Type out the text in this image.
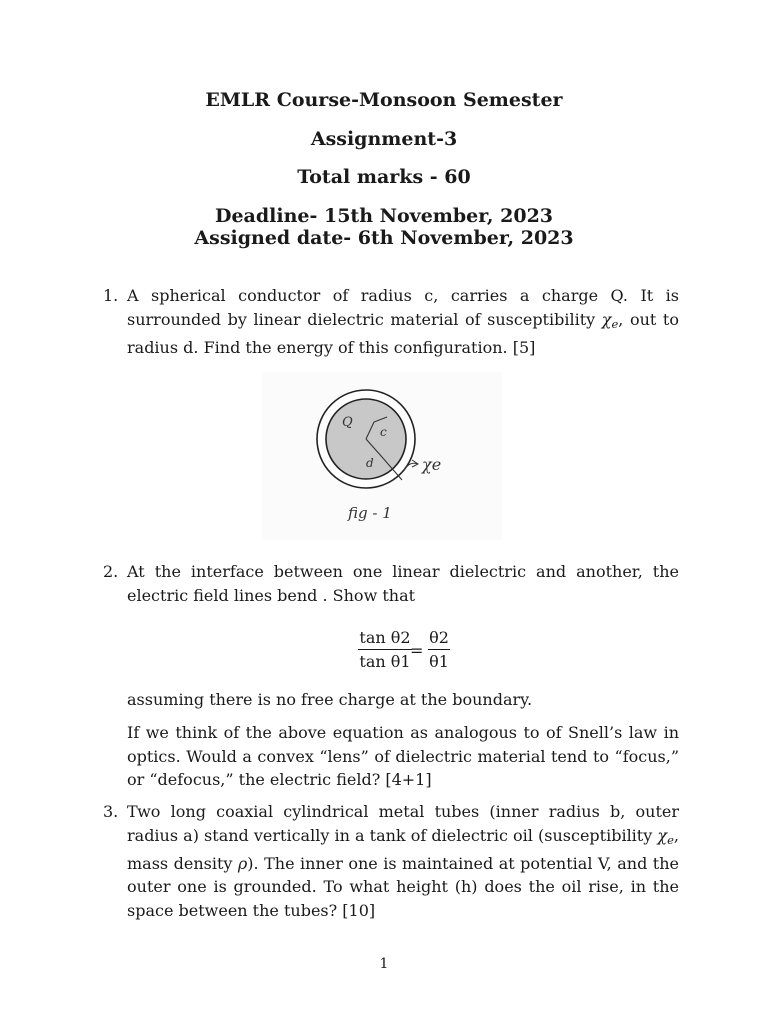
EMLR Course-Monsoon Semester
Assignment-3
Total marks - 60
Deadline- 15th November, 2023
Assigned date- 6th November, 2023
1. A spherical conductor of radius c, carries a charge Q. It is surrounded by linear dielectric material of susceptibility $\chi_e$, out to radius d. Find the energy of this configuration. [5]
Q
c
d	χe
fig - 1
2. At the interface between one linear dielectric and another, the electric field lines bend . Show that
tan θ2
tan θ1
=
θ2
θ1
assuming there is no free charge at the boundary.
If we think of the above equation as analogous to of Snell’s law in optics. Would a convex “lens” of dielectric material tend to “focus,” or “defocus,” the electric field? [4+1]
3. Two long coaxial cylindrical metal tubes (inner radius b, outer radius a) stand vertically in a tank of dielectric oil (susceptibility $\chi_e$, mass density ρ). The inner one is maintained at potential V, and the outer one is grounded. To what height (h) does the oil rise, in the space between the tubes? [10]
1
